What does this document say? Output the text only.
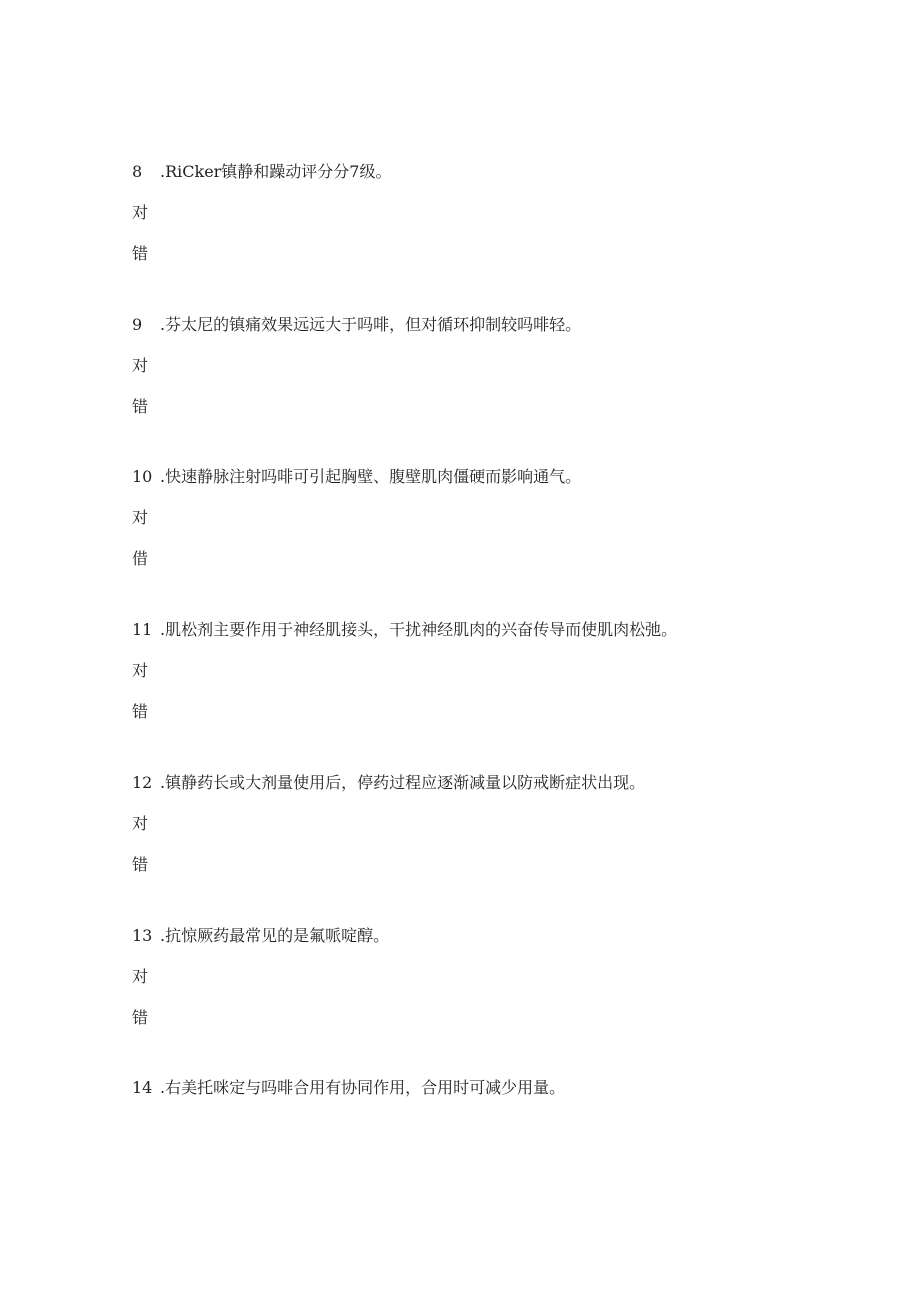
8 .RiCker镇静和躁动评分分7级。
对
错
9 .芬太尼的镇痛效果远远大于吗啡，但对循环抑制较吗啡轻。
对
错
10 .快速静脉注射吗啡可引起胸壁、腹壁肌肉僵硬而影响通气。
对
借
11 .肌松剂主要作用于神经肌接头，干扰神经肌肉的兴奋传导而使肌肉松弛。
对
错
12 .镇静药长或大剂量使用后，停药过程应逐渐减量以防戒断症状出现。
对
错
13 .抗惊厥药最常见的是氟哌啶醇。
对
错
14 .右美托咪定与吗啡合用有协同作用，合用时可减少用量。
